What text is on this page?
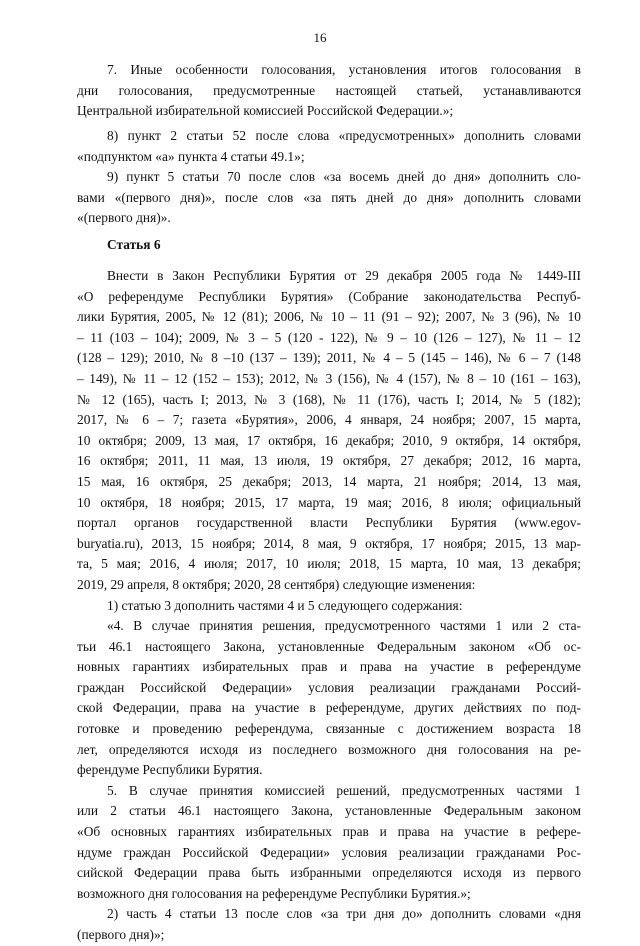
16
7. Иные особенности голосования, установления итогов голосования в
дни голосования, предусмотренные настоящей статьей, устанавливаются
Центральной избирательной комиссией Российской Федерации.»;
8) пункт 2 статьи 52 после слова «предусмотренных» дополнить словами
«подпунктом «а» пункта 4 статьи 49.1»;
9) пункт 5 статьи 70 после слов «за восемь дней до дня» дополнить сло-
вами «(первого дня)», после слов «за пять дней до дня» дополнить словами
«(первого дня)».
Статья 6
Внести в Закон Республики Бурятия от 29 декабря 2005 года № 1449-III
«О референдуме Республики Бурятия» (Собрание законодательства Респуб-
лики Бурятия, 2005, № 12 (81); 2006, № 10 – 11 (91 – 92); 2007, № 3 (96), № 10
– 11 (103 – 104); 2009, № 3 – 5 (120 - 122), № 9 – 10 (126 – 127), № 11 – 12
(128 – 129); 2010, № 8 –10 (137 – 139); 2011, № 4 – 5 (145 – 146), № 6 – 7 (148
– 149), № 11 – 12 (152 – 153); 2012, № 3 (156), № 4 (157), № 8 – 10 (161 – 163),
№ 12 (165), часть I; 2013, № 3 (168), № 11 (176), часть I; 2014, № 5 (182);
2017, № 6 – 7; газета «Бурятия», 2006, 4 января, 24 ноября; 2007, 15 марта,
10 октября; 2009, 13 мая, 17 октября, 16 декабря; 2010, 9 октября, 14 октября,
16 октября; 2011, 11 мая, 13 июля, 19 октября, 27 декабря; 2012, 16 марта,
15 мая, 16 октября, 25 декабря; 2013, 14 марта, 21 ноября; 2014, 13 мая,
10 октября, 18 ноября; 2015, 17 марта, 19 мая; 2016, 8 июля; официальный
портал органов государственной власти Республики Бурятия (www.egov-
buryatia.ru), 2013, 15 ноября; 2014, 8 мая, 9 октября, 17 ноября; 2015, 13 мар-
та, 5 мая; 2016, 4 июля; 2017, 10 июля; 2018, 15 марта, 10 мая, 13 декабря;
2019, 29 апреля, 8 октября; 2020, 28 сентября) следующие изменения:
1) статью 3 дополнить частями 4 и 5 следующего содержания:
«4. В случае принятия решения, предусмотренного частями 1 или 2 ста-
тьи 46.1 настоящего Закона, установленные Федеральным законом «Об ос-
новных гарантиях избирательных прав и права на участие в референдуме
граждан Российской Федерации» условия реализации гражданами Россий-
ской Федерации, права на участие в референдуме, других действиях по под-
готовке и проведению референдума, связанные с достижением возраста 18
лет, определяются исходя из последнего возможного дня голосования на ре-
ферендуме Республики Бурятия.
5. В случае принятия комиссией решений, предусмотренных частями 1
или 2 статьи 46.1 настоящего Закона, установленные Федеральным законом
«Об основных гарантиях избирательных прав и права на участие в рефере-
ндуме граждан Российской Федерации» условия реализации гражданами Рос-
сийской Федерации права быть избранными определяются исходя из первого
возможного дня голосования на референдуме Республики Бурятия.»;
2) часть 4 статьи 13 после слов «за три дня до» дополнить словами «дня
(первого дня)»;
